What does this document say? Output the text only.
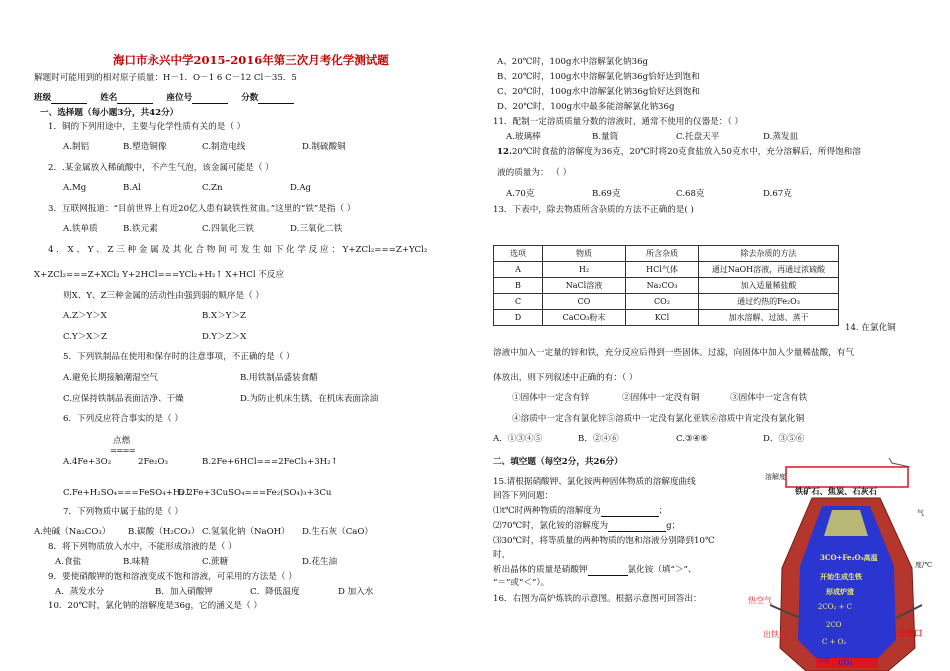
海口市永兴中学2015-2016年第三次月考化学测试题
解题时可能用到的相对原子质量：H－1．O－1 6 C－12 Cl－35．5
班级	姓名	座位号	分数
一、选择题（每小题3分，共42分）
1．铜的下列用途中，主要与化学性质有关的是（ ）
A.制铝	B.塑造铜像	C.制造电线	D.制硫酸铜
2．.某金属放入稀硫酸中，不产生气泡，该金属可能是（ ）
A.Mg	B.Al	C.Zn	D.Ag
3．互联网报道：“目前世界上有近20亿人患有缺铁性贫血。”这里的“铁”是指（ ）
A.铁单质	B.铁元素	C.四氧化三铁	D.三氧化二铁
4 ． X 、 Y 、 Z 三 种 金 属 及 其 化 合 物 间 可 发 生 如 下 化 学 反 应 ： Y+ZCl₂===Z+YCl₂
X+ZCl₂===Z+XCl₂ Y+2HCl===YCl₂+H₂↑ X+HCl 不反应
则X、Y、Z三种金属的活动性由强到弱的顺序是（ ）
A.Z＞Y＞X	B.X＞Y＞Z
C.Y＞X＞Z	D.Y＞Z＞X
5．下列铁制品在使用和保存时的注意事项，不正确的是（ ）
A.避免长期接触潮湿空气	B.用铁制品盛装食醋
C.应保持铁制品表面洁净、干燥	D.为防止机床生锈，在机床表面涂油
6．下列反应符合事实的是（ ）
点燃
====
A.4Fe+3O₂	2Fe₂O₃	B.2Fe+6HCl===2FeCl₃+3H₂↑
C.Fe+H₂SO₄===FeSO₄+H₂↑
D.2Fe+3CuSO₄===Fe₂(SO₄)₃+3Cu
7．下列物质中属于盐的是（ ）
A.纯碱（Na₂CO₃） B.碳酸（H₂CO₃） C.氢氧化钠（NaOH） D.生石灰（CaO）
8．将下列物质放入水中，不能形成溶液的是（ ）
A.食盐	B.味精	C.蔗糖	D.花生油
9．要使硝酸钾的饱和溶液变成不饱和溶液，可采用的方法是（ ）
A．蒸发水分	B．加入硝酸钾	C．降低温度	D 加入水
10．20℃时，氯化钠的溶解度是36g，它的涵义是（ ）
A、20℃时，100g水中溶解氯化钠36g
B、20℃时，100g水中溶解氯化钠36g恰好达到饱和
C、20℃时，100g水中溶解氯化钠36g恰好达到饱和
D、20℃时，100g水中最多能溶解氯化钠36g
11．配制一定溶质质量分数的溶液时，通常不使用的仪器是：（ ）
A.玻璃棒	B.量筒	C.托盘天平	D.蒸发皿
12.20℃时食盐的溶解度为36克，20℃时将20克食盐放入50克水中，充分溶解后，所得饱和溶
液的质量为： （ ）
A.70克	B.69克	C.68克	D.67克
13．下表中，除去物质所含杂质的方法不正确的是( )
选项	物质	所含杂质	除去杂质的方法
A	H₂	HCl气体	通过NaOH溶液，再通过浓硫酸
B	NaCl溶液	Na₂CO₃	加入适量稀盐酸
C	CO	CO₂	通过灼热的Fe₂O₃
D	CaCO₃粉末	KCl	加水溶解、过滤、蒸干
14. 在氯化铜
溶液中加入一定量的锌和铁，充分反应后得到一些固体。过滤，向固体中加入少量稀盐酸，有气
体放出，则下列叙述中正确的有：（ ）
①固体中一定含有锌	②固体中一定没有铜	③固体中一定含有铁
④溶质中一定含有氯化锌⑤溶质中一定没有氯化亚铁⑥溶质中肯定没有氯化铜
A．①③④⑤	B．②④⑥	C.③④⑥	D．③⑤⑥
二、填空题（每空2分，共26分）
15.请根据硝酸钾、氯化铵两种固体物质的溶解度曲线
回答下列问题：
⑴t℃时两种物质的溶解度为	；
⑵70℃时，氯化铵的溶解度为	g；
⑶30℃时，将等质量的两种物质的饱和溶液分别降到10℃
时，
析出晶体的质量是硝酸钾	氯化铵（填“＞”、
“＝”或“＜”）。
16．右图为高炉炼铁的示意图。根据示意图可回答出：
溶解度
气
度/℃
铁矿石、焦炭、石灰石
3CO+Fe₂O₃高温
开始生成生铁
形成炉渣
2CO₂ + C
2CO
C + O₂
热空气
出铁口	出渣口
点燃 CO₂
